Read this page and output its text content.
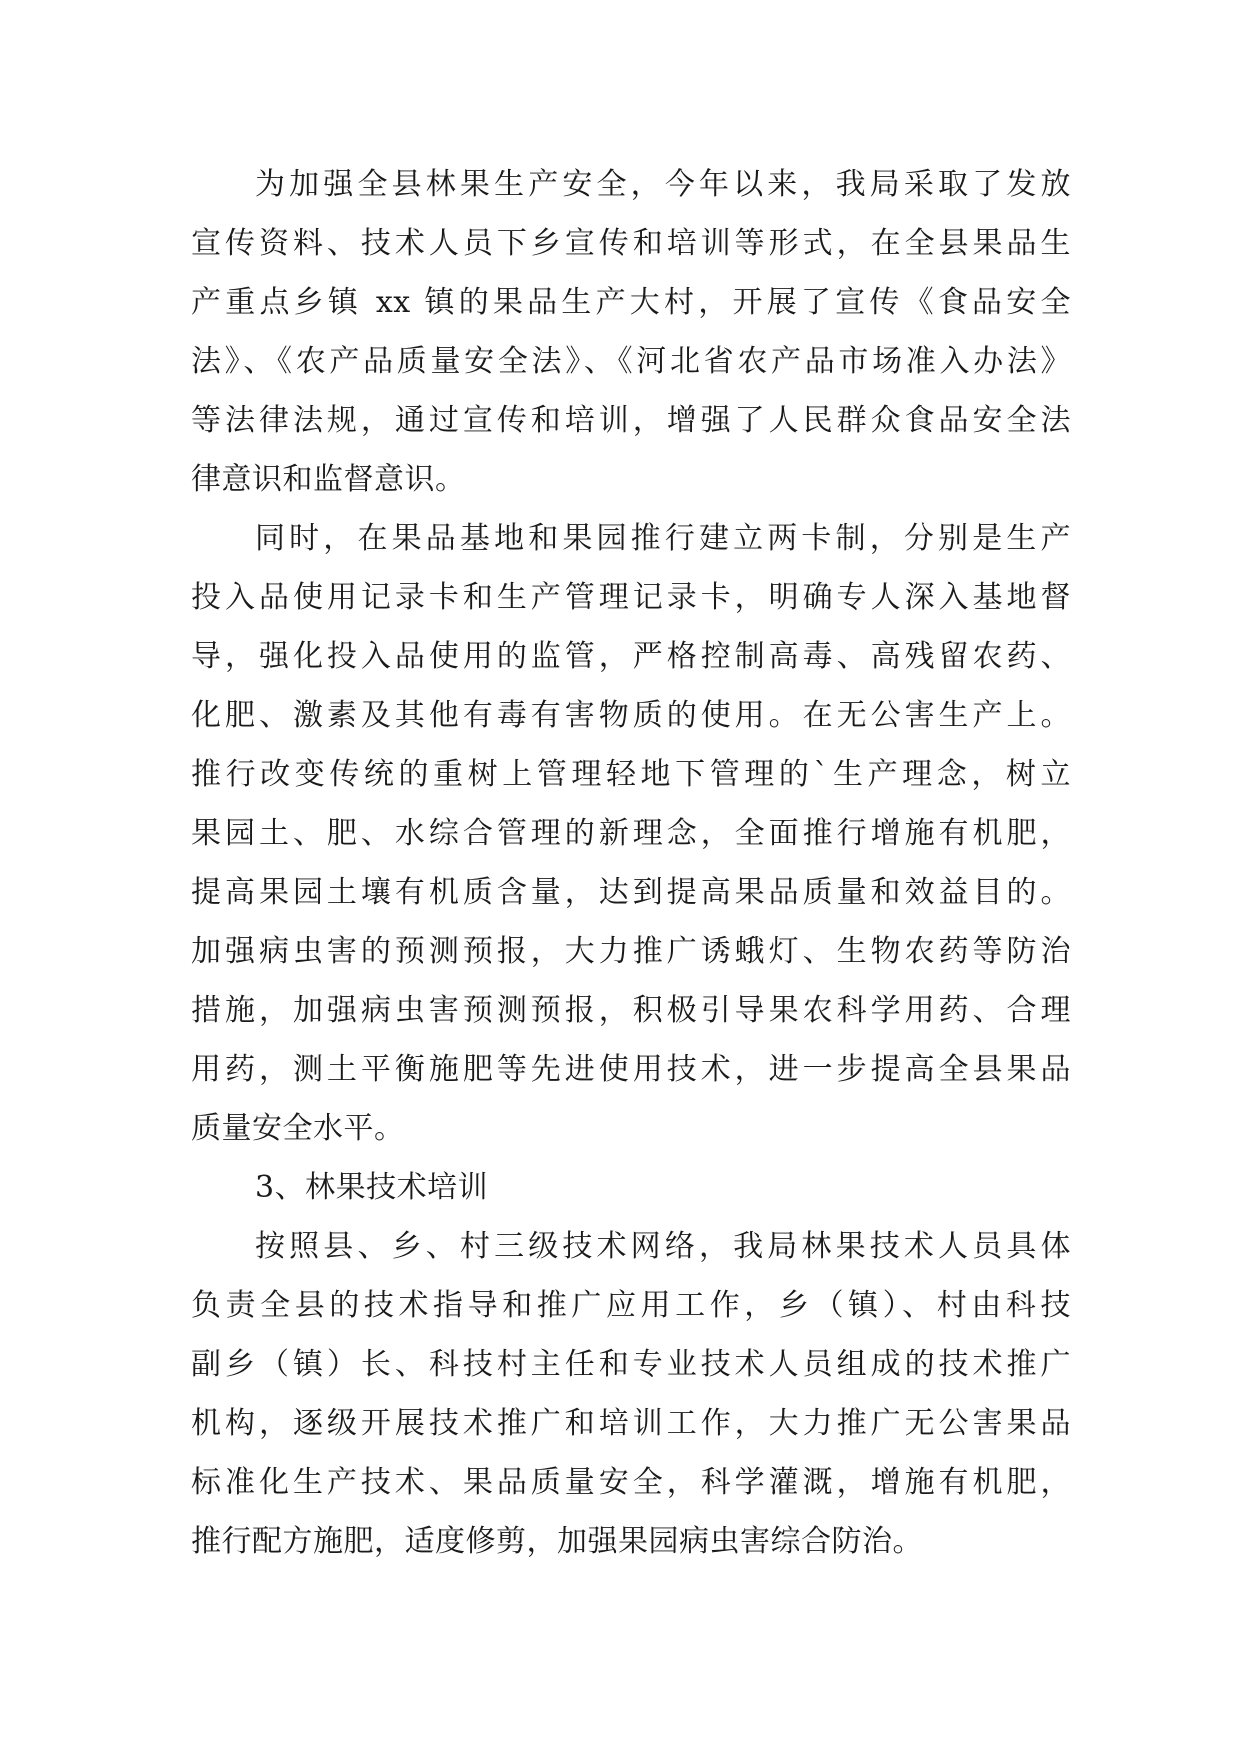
为加强全县林果生产安全，今年以来，我局采取了发放
宣传资料、技术人员下乡宣传和培训等形式，在全县果品生
产重点乡镇 xx 镇的果品生产大村，开展了宣传《食品安全
法》、《农产品质量安全法》、《河北省农产品市场准入办法》
等法律法规，通过宣传和培训，增强了人民群众食品安全法
律意识和监督意识。
同时，在果品基地和果园推行建立两卡制，分别是生产
投入品使用记录卡和生产管理记录卡，明确专人深入基地督
导，强化投入品使用的监管，严格控制高毒、高残留农药、
化肥、激素及其他有毒有害物质的使用。在无公害生产上。
推行改变传统的重树上管理轻地下管理的`生产理念，树立
果园土、肥、水综合管理的新理念，全面推行增施有机肥，
提高果园土壤有机质含量，达到提高果品质量和效益目的。
加强病虫害的预测预报，大力推广诱蛾灯、生物农药等防治
措施，加强病虫害预测预报，积极引导果农科学用药、合理
用药，测土平衡施肥等先进使用技术，进一步提高全县果品
质量安全水平。
3、林果技术培训
按照县、乡、村三级技术网络，我局林果技术人员具体
负责全县的技术指导和推广应用工作，乡（镇）、村由科技
副乡（镇）长、科技村主任和专业技术人员组成的技术推广
机构，逐级开展技术推广和培训工作，大力推广无公害果品
标准化生产技术、果品质量安全，科学灌溉，增施有机肥，
推行配方施肥，适度修剪，加强果园病虫害综合防治。
